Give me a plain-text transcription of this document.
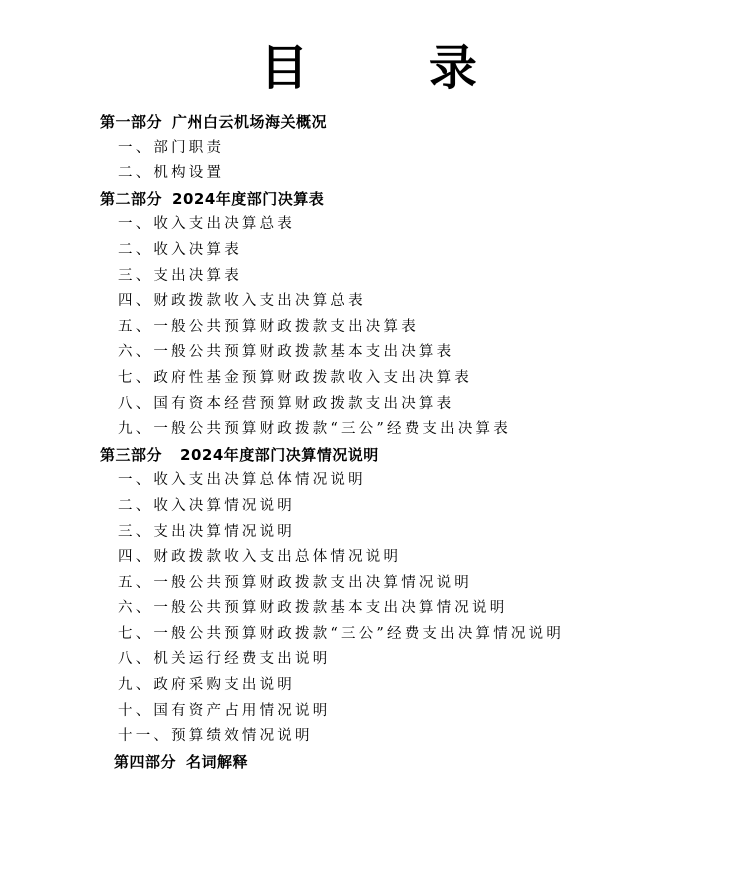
目 录
第一部分 广州白云机场海关概况
一、部门职责
二、机构设置
第二部分 2024年度部门决算表
一、收入支出决算总表
二、收入决算表
三、支出决算表
四、财政拨款收入支出决算总表
五、一般公共预算财政拨款支出决算表
六、一般公共预算财政拨款基本支出决算表
七、政府性基金预算财政拨款收入支出决算表
八、国有资本经营预算财政拨款支出决算表
九、一般公共预算财政拨款“三公”经费支出决算表
第三部分 2024年度部门决算情况说明
一、收入支出决算总体情况说明
二、收入决算情况说明
三、支出决算情况说明
四、财政拨款收入支出总体情况说明
五、一般公共预算财政拨款支出决算情况说明
六、一般公共预算财政拨款基本支出决算情况说明
七、一般公共预算财政拨款“三公”经费支出决算情况说明
八、机关运行经费支出说明
九、政府采购支出说明
十、国有资产占用情况说明
十一、预算绩效情况说明
第四部分 名词解释
